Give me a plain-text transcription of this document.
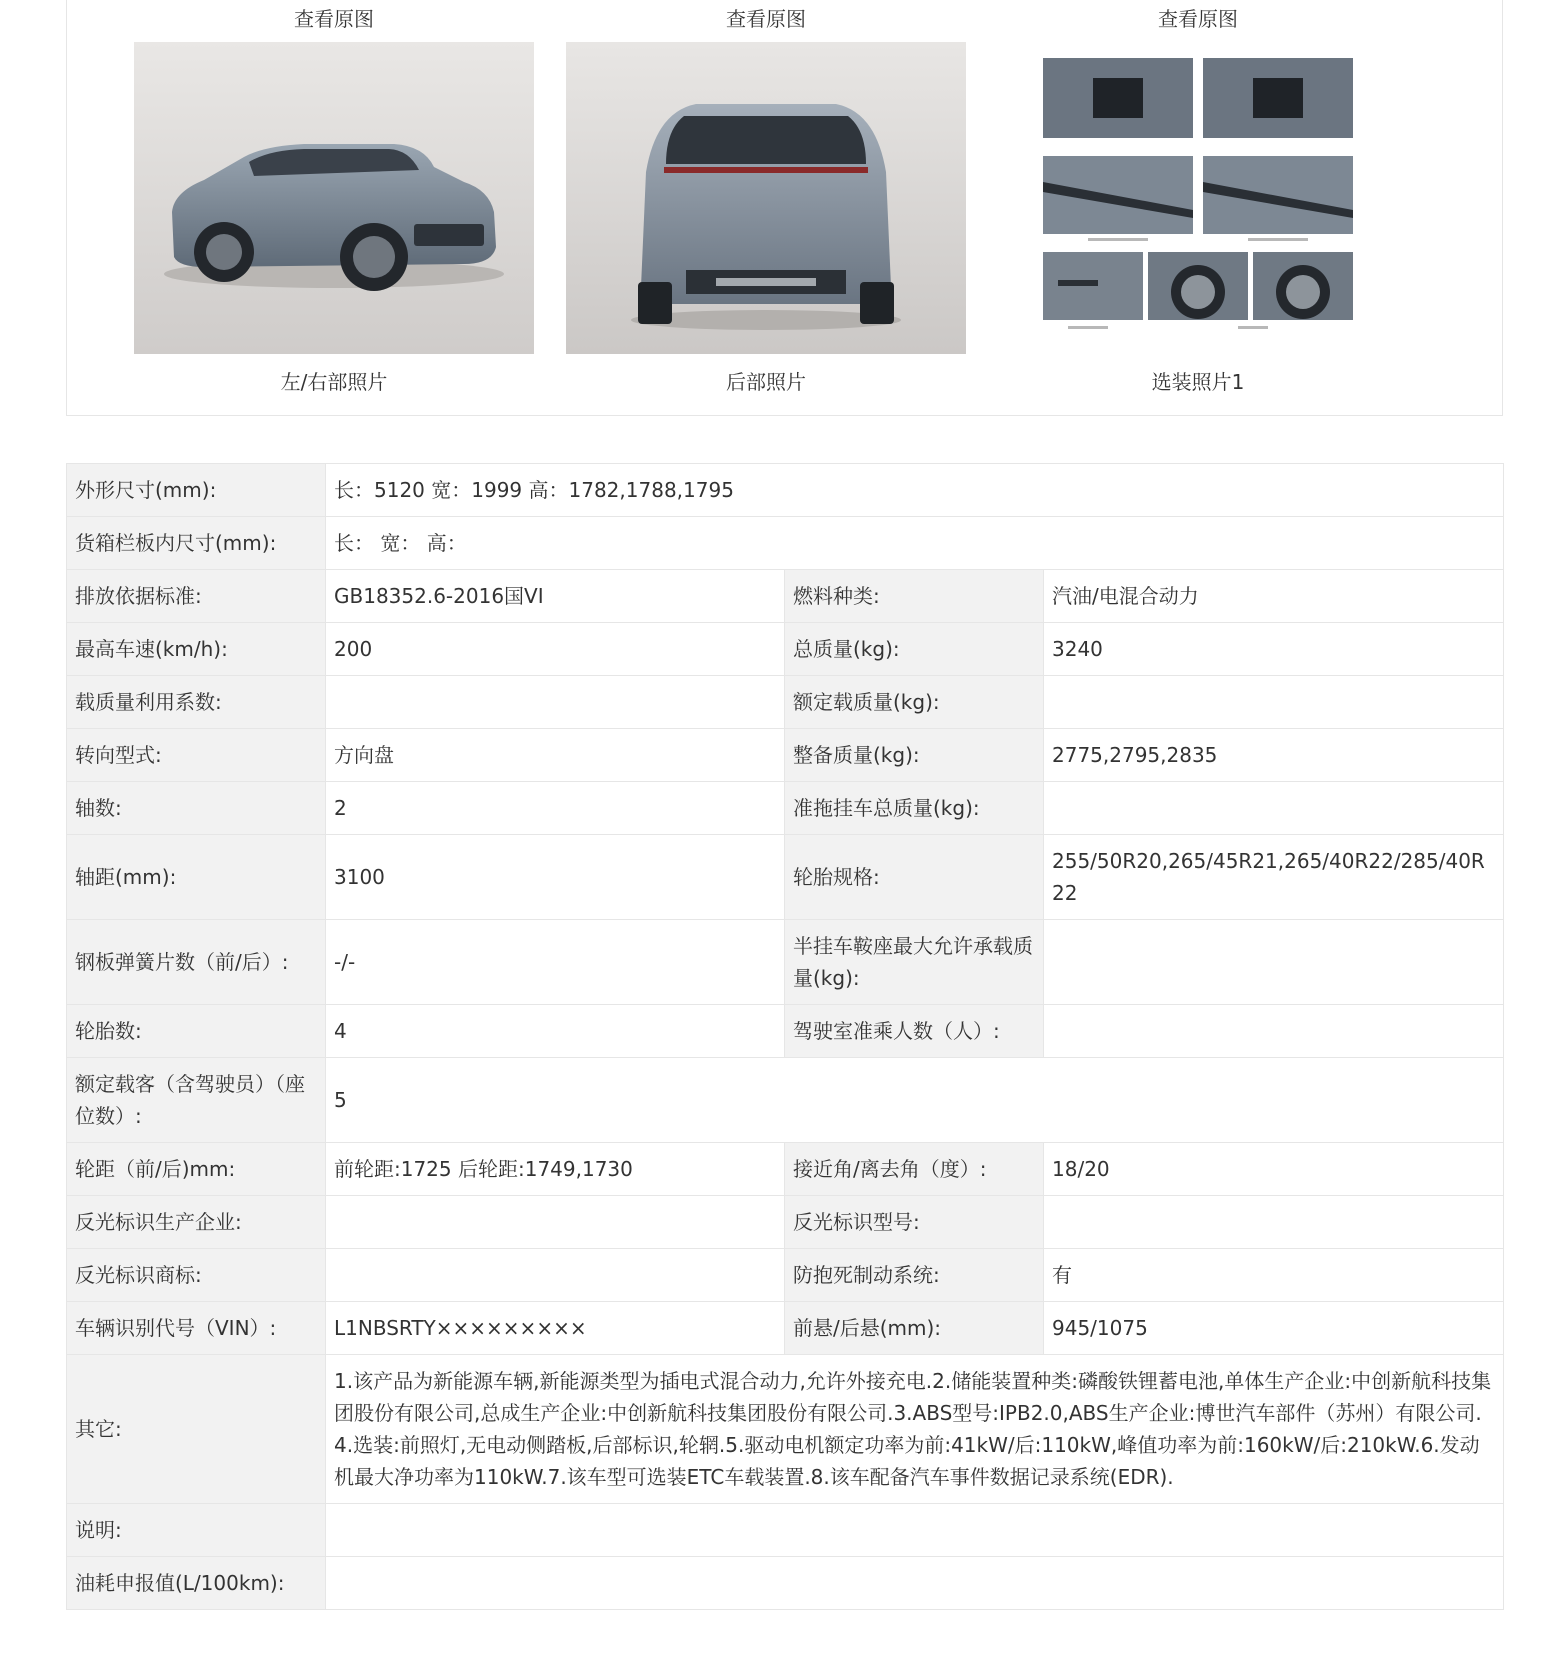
查看原图
左/右部照片
查看原图
后部照片
查看原图
选装照片1
外形尺寸(mm):	长：5120 宽：1999 高：1782,1788,1795		
货箱栏板内尺寸(mm):	长： 宽： 高：		
排放依据标准:	GB18352.6-2016国VI	燃料种类:	汽油/电混合动力
最高车速(km/h):	200	总质量(kg):	3240
载质量利用系数:		额定载质量(kg):	
转向型式:	方向盘	整备质量(kg):	2775,2795,2835
轴数:	2	准拖挂车总质量(kg):	
轴距(mm):	3100	轮胎规格:	255/50R20,265/45R21,265/40R22/285/40R22
钢板弹簧片数（前/后）:	-/-	半挂车鞍座最大允许承载质量(kg):	
轮胎数:	4	驾驶室准乘人数（人）:	
额定载客（含驾驶员）（座位数）:	5		
轮距（前/后)mm:	前轮距:1725 后轮距:1749,1730	接近角/离去角（度）:	18/20
反光标识生产企业:		反光标识型号:	
反光标识商标:		防抱死制动系统:	有
车辆识别代号（VIN）:	L1NBSRTY×××××××××	前悬/后悬(mm):	945/1075
其它:	1.该产品为新能源车辆,新能源类型为插电式混合动力,允许外接充电.2.储能装置种类:磷酸铁锂蓄电池,单体生产企业:中创新航科技集团股份有限公司,总成生产企业:中创新航科技集团股份有限公司.3.ABS型号:IPB2.0,ABS生产企业:博世汽车部件（苏州）有限公司.4.选装:前照灯,无电动侧踏板,后部标识,轮辋.5.驱动电机额定功率为前:41kW/后:110kW,峰值功率为前:160kW/后:210kW.6.发动机最大净功率为110kW.7.该车型可选装ETC车载装置.8.该车配备汽车事件数据记录系统(EDR).		
说明:			
油耗申报值(L/100km):			
